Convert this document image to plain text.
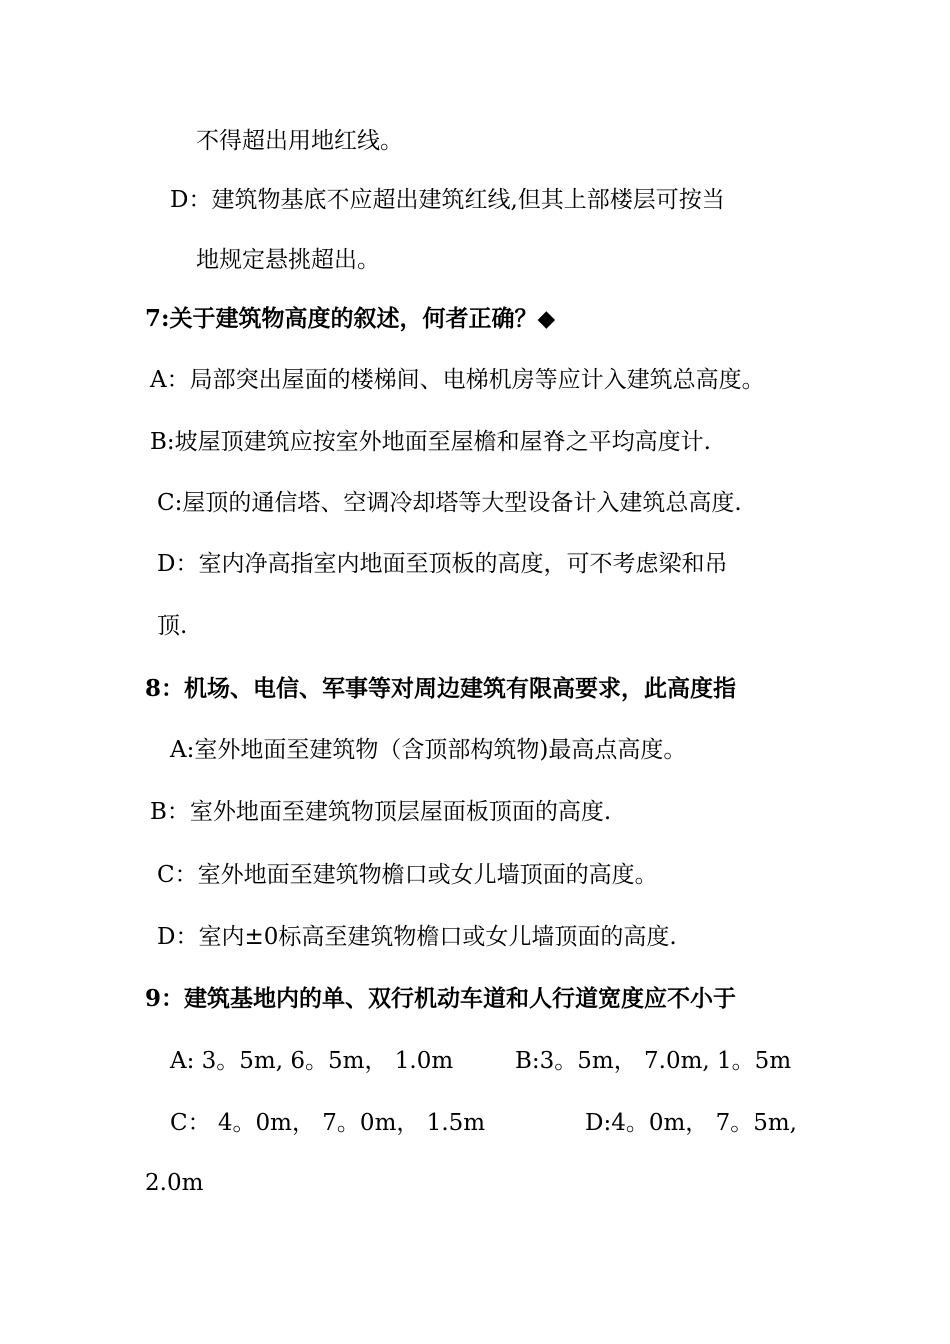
不得超出用地红线。
D：建筑物基底不应超出建筑红线,但其上部楼层可按当
地规定悬挑超出。
7:关于建筑物高度的叙述，何者正确？◆
A：局部突出屋面的楼梯间、电梯机房等应计入建筑总高度。
B:坡屋顶建筑应按室外地面至屋檐和屋脊之平均高度计.
C:屋顶的通信塔、空调冷却塔等大型设备计入建筑总高度.
D：室内净高指室内地面至顶板的高度，可不考虑梁和吊
顶.
8：机场、电信、军事等对周边建筑有限高要求，此高度指
A:室外地面至建筑物（含顶部构筑物)最高点高度。
B：室外地面至建筑物顶层屋面板顶面的高度.
C：室外地面至建筑物檐口或女儿墙顶面的高度。
D：室内±0标高至建筑物檐口或女儿墙顶面的高度.
9：建筑基地内的单、双行机动车道和人行道宽度应不小于
A: 3。5m, 6。5m， 1.0m	B:3。5m， 7.0m, 1。5m
C： 4。0m， 7。0m， 1.5m	D:4。0m， 7。5m,
2.0m
